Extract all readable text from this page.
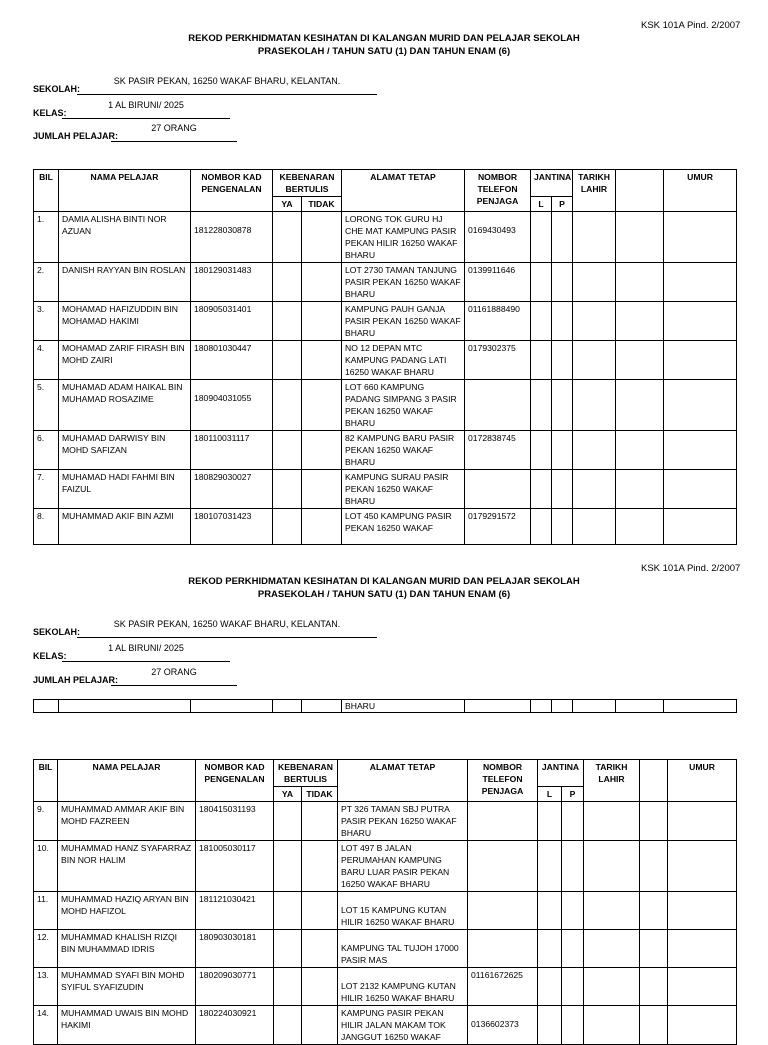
KSK 101A Pind. 2/2007
REKOD PERKHIDMATAN KESIHATAN DI KALANGAN MURID DAN PELAJAR SEKOLAH
PRASEKOLAH / TAHUN SATU (1) DAN TAHUN ENAM (6)
SEKOLAH:
SK PASIR PEKAN, 16250 WAKAF BHARU, KELANTAN.
KELAS:
1 AL BIRUNI/ 2025
JUMLAH PELAJAR:
27 ORANG
BIL	NAMA PELAJAR	NOMBOR KAD PENGENALAN	KEBENARAN BERTULIS		ALAMAT TETAP	NOMBOR TELEFON PENJAGA	JANTINA		TARIKH LAHIR		UMUR
			YA	TIDAK			L	P			
1.	DAMIA ALISHA BINTI NOR AZUAN	181228030878			LORONG TOK GURU HJ CHE MAT KAMPUNG PASIR PEKAN HILIR 16250 WAKAF BHARU	0169430493					
2.	DANISH RAYYAN BIN ROSLAN	180129031483			LOT 2730 TAMAN TANJUNG PASIR PEKAN 16250 WAKAF BHARU	0139911646					
3.	MOHAMAD HAFIZUDDIN BIN MOHAMAD HAKIMI	180905031401			KAMPUNG PAUH GANJA PASIR PEKAN 16250 WAKAF BHARU	01161888490					
4.	MOHAMAD ZARIF FIRASH BIN MOHD ZAIRI	180801030447			NO 12 DEPAN MTC KAMPUNG PADANG LATI 16250 WAKAF BHARU	0179302375					
5.	MUHAMAD ADAM HAIKAL BIN MUHAMAD ROSAZIME	180904031055			LOT 660 KAMPUNG PADANG SIMPANG 3 PASIR PEKAN 16250 WAKAF BHARU						
6.	MUHAMAD DARWISY BIN MOHD SAFIZAN	180110031117			82 KAMPUNG BARU PASIR PEKAN 16250 WAKAF BHARU	0172838745					
7.	MUHAMAD HADI FAHMI BIN FAIZUL	180829030027			KAMPUNG SURAU PASIR PEKAN 16250 WAKAF BHARU						
8.	MUHAMMAD AKIF BIN AZMI	180107031423			LOT 450 KAMPUNG PASIR PEKAN 16250 WAKAF	0179291572					
KSK 101A Pind. 2/2007
REKOD PERKHIDMATAN KESIHATAN DI KALANGAN MURID DAN PELAJAR SEKOLAH
PRASEKOLAH / TAHUN SATU (1) DAN TAHUN ENAM (6)
SEKOLAH:
SK PASIR PEKAN, 16250 WAKAF BHARU, KELANTAN.
KELAS:
1 AL BIRUNI/ 2025
JUMLAH PELAJAR:
27 ORANG
					BHARU						
BIL	NAMA PELAJAR	NOMBOR KAD PENGENALAN	KEBENARAN BERTULIS		ALAMAT TETAP	NOMBOR TELEFON PENJAGA	JANTINA		TARIKH LAHIR		UMUR
			YA	TIDAK			L	P			
9.	MUHAMMAD AMMAR AKIF BIN MOHD FAZREEN	180415031193			PT 326 TAMAN SBJ PUTRA PASIR PEKAN 16250 WAKAF BHARU						
10.	MUHAMMAD HANZ SYAFARRAZ BIN NOR HALIM	181005030117			LOT 497 B JALAN PERUMAHAN KAMPUNG BARU LUAR PASIR PEKAN 16250 WAKAF BHARU						
11.	MUHAMMAD HAZIQ ARYAN BIN MOHD HAFIZOL	181121030421			LOT 15 KAMPUNG KUTAN HILIR 16250 WAKAF BHARU						
12.	MUHAMMAD KHALISH RIZQI BIN MUHAMMAD IDRIS	180903030181			KAMPUNG TAL TUJOH 17000 PASIR MAS						
13.	MUHAMMAD SYAFI BIN MOHD SYIFUL SYAFIZUDIN	180209030771			LOT 2132 KAMPUNG KUTAN HILIR 16250 WAKAF BHARU	01161672625					
14.	MUHAMMAD UWAIS BIN MOHD HAKIMI	180224030921			KAMPUNG PASIR PEKAN HILIR JALAN MAKAM TOK JANGGUT 16250 WAKAF	0136602373					
